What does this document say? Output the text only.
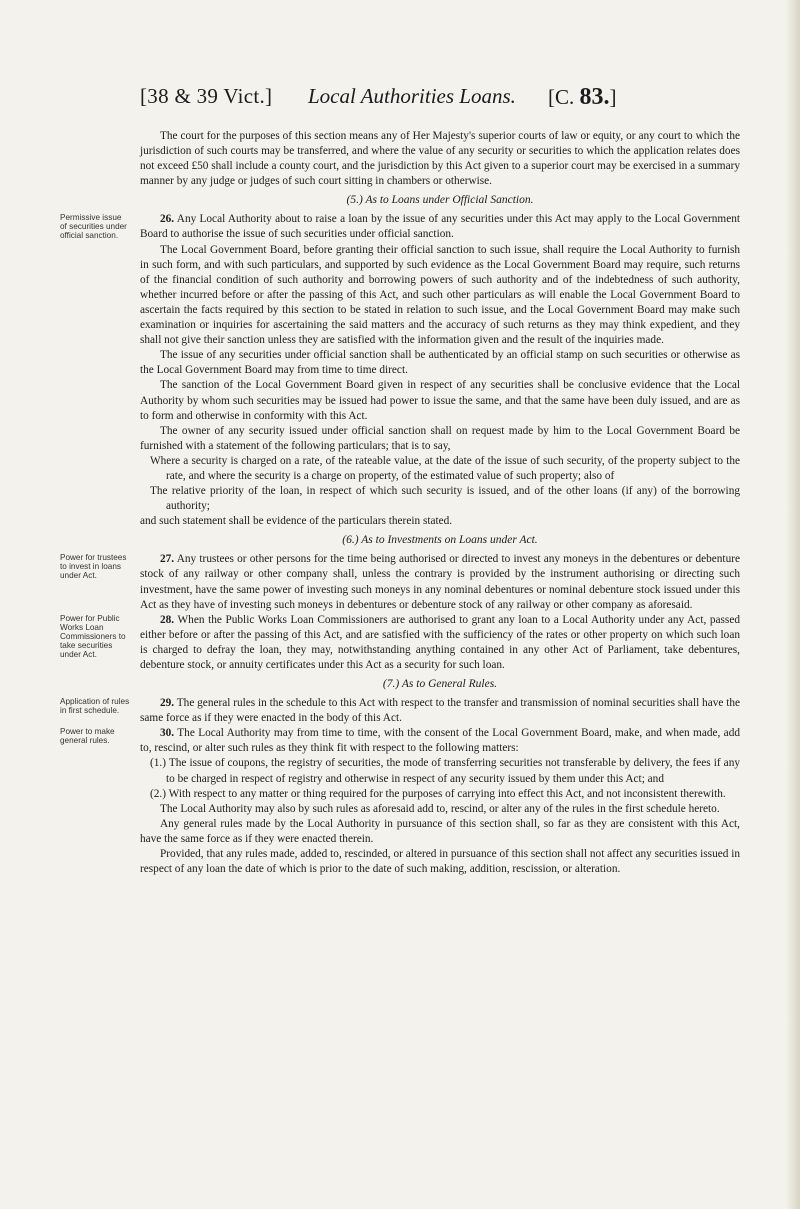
[38 & 39 Vict.] Local Authorities Loans. [C. 83.]

The court for the purposes of this section means any of Her Majesty's superior courts of law or equity, or any court to which the jurisdiction of such courts may be transferred, and where the value of any security or securities to which the application relates does not exceed £50 shall include a county court, and the jurisdiction by this Act given to a superior court may be exercised in a summary manner by any judge or judges of such court sitting in chambers or otherwise.

(5.) As to Loans under Official Sanction.
Permissive issue of securities under official sanction.

26. Any Local Authority about to raise a loan by the issue of any securities under this Act may apply to the Local Government Board to authorise the issue of such securities under official sanction.

The Local Government Board, before granting their official sanction to such issue, shall require the Local Authority to furnish in such form, and with such particulars, and supported by such evidence as the Local Government Board may require, such returns of the financial condition of such authority and borrowing powers of such authority and of the indebtedness of such authority, whether incurred before or after the passing of this Act, and such other particulars as will enable the Local Government Board to ascertain the facts required by this section to be stated in relation to such issue, and the Local Government Board may make such examination or inquiries for ascertaining the said matters and the accuracy of such returns as they may think expedient, and they shall not give their sanction unless they are satisfied with the information given and the result of the inquiries made.

The issue of any securities under official sanction shall be authenticated by an official stamp on such securities or otherwise as the Local Government Board may from time to time direct.

The sanction of the Local Government Board given in respect of any securities shall be conclusive evidence that the Local Authority by whom such securities may be issued had power to issue the same, and that the same have been duly issued, and are as to form and otherwise in conformity with this Act.

The owner of any security issued under official sanction shall on request made by him to the Local Government Board be furnished with a statement of the following particulars; that is to say,

Where a security is charged on a rate, of the rateable value, at the date of the issue of such security, of the property subject to the rate, and where the security is a charge on property, of the estimated value of such property; also of

The relative priority of the loan, in respect of which such security is issued, and of the other loans (if any) of the borrowing authority;

and such statement shall be evidence of the particulars therein stated.

(6.) As to Investments on Loans under Act.
Power for trustees to invest in loans under Act.

27. Any trustees or other persons for the time being authorised or directed to invest any moneys in the debentures or debenture stock of any railway or other company shall, unless the contrary is provided by the instrument authorising or directing such investment, have the same power of investing such moneys in any nominal debentures or nominal debenture stock issued under this Act as they have of investing such moneys in debentures or debenture stock of any railway or other company as aforesaid.

Power for Public Works Loan Commissioners to take securities under Act.

28. When the Public Works Loan Commissioners are authorised to grant any loan to a Local Authority under any Act, passed either before or after the passing of this Act, and are satisfied with the sufficiency of the rates or other property on which such loan is charged to defray the loan, they may, notwithstanding anything contained in any other Act of Parliament, take debentures, debenture stock, or annuity certificates under this Act as a security for such loan.

(7.) As to General Rules.
Application of rules in first schedule.

29. The general rules in the schedule to this Act with respect to the transfer and transmission of nominal securities shall have the same force as if they were enacted in the body of this Act.

Power to make general rules.

30. The Local Authority may from time to time, with the consent of the Local Government Board, make, and when made, add to, rescind, or alter such rules as they think fit with respect to the following matters:

(1.) The issue of coupons, the registry of securities, the mode of transferring securities not transferable by delivery, the fees if any to be charged in respect of registry and otherwise in respect of any security issued by them under this Act; and

(2.) With respect to any matter or thing required for the purposes of carrying into effect this Act, and not inconsistent therewith.

The Local Authority may also by such rules as aforesaid add to, rescind, or alter any of the rules in the first schedule hereto.

Any general rules made by the Local Authority in pursuance of this section shall, so far as they are consistent with this Act, have the same force as if they were enacted therein.

Provided, that any rules made, added to, rescinded, or altered in pursuance of this section shall not affect any securities issued in respect of any loan the date of which is prior to the date of such making, addition, rescission, or alteration.
